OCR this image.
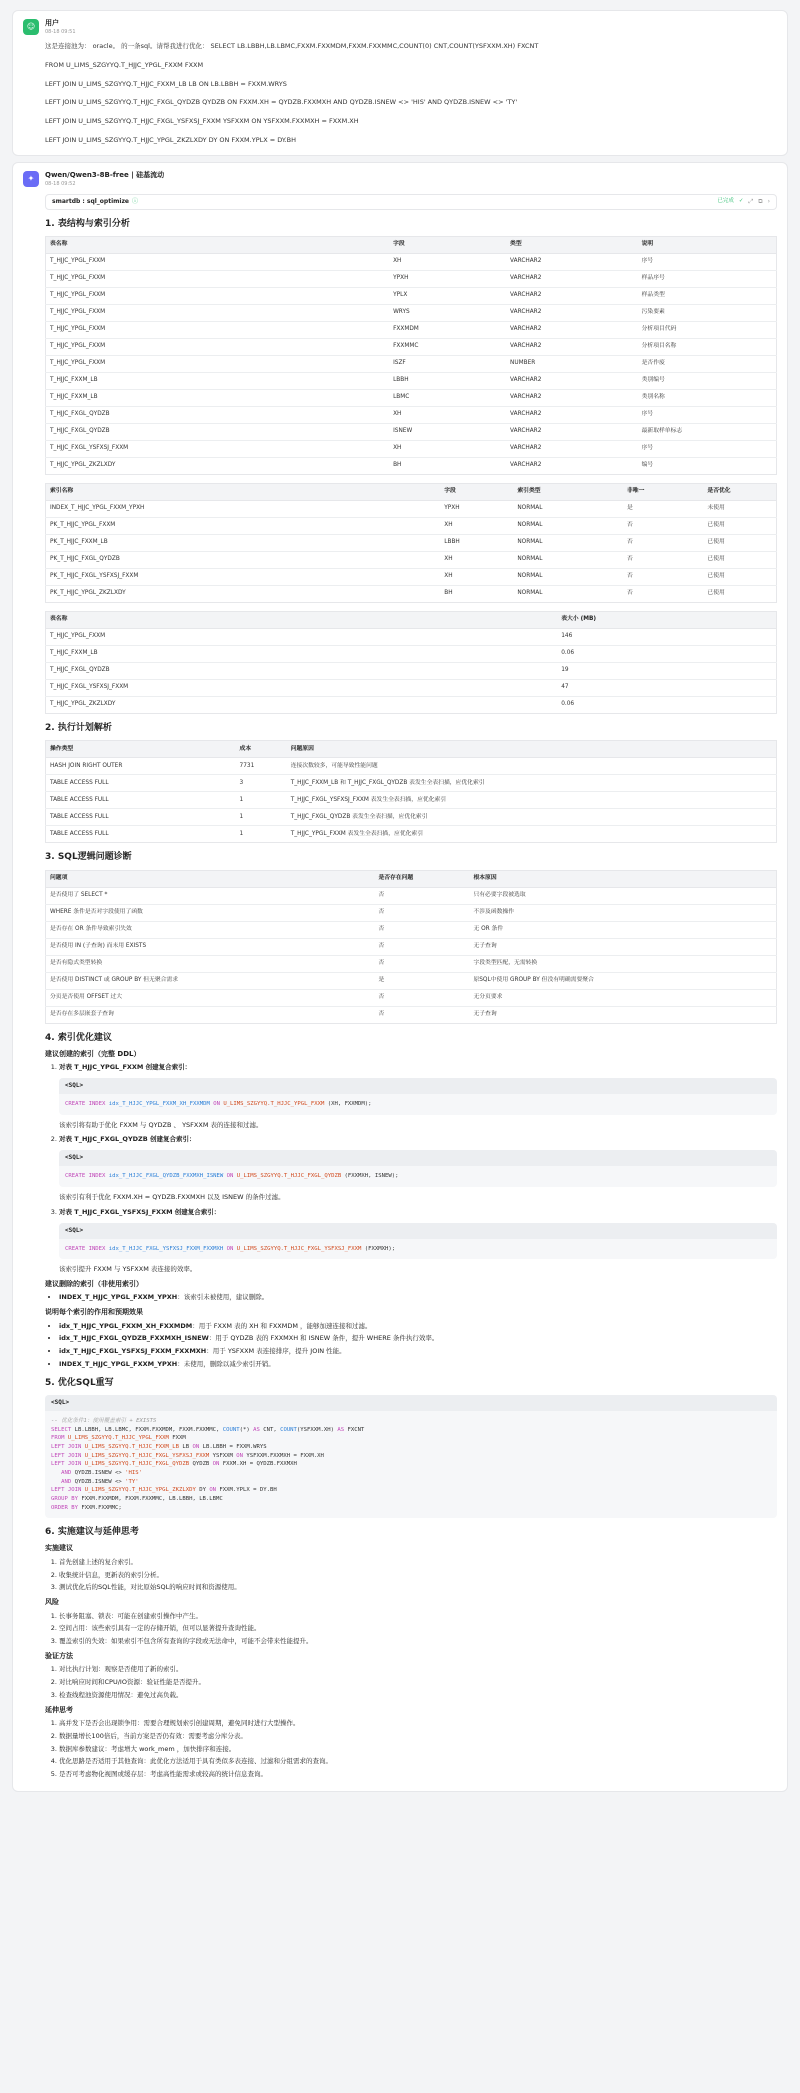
☺	用户
08-18 09:51

这是连接池为： oracle。 的一条sql。请帮我进行优化： SELECT LB.LBBH,LB.LBMC,FXXM.FXXMDM,FXXM.FXXMMC,COUNT(0) CNT,COUNT(YSFXXM.XH) FXCNT

FROM U_LIMS_SZGYYQ.T_HJJC_YPGL_FXXM FXXM

LEFT JOIN U_LIMS_SZGYYQ.T_HJJC_FXXM_LB LB ON LB.LBBH = FXXM.WRYS

LEFT JOIN U_LIMS_SZGYYQ.T_HJJC_FXGL_QYDZB QYDZB ON FXXM.XH = QYDZB.FXXMXH AND QYDZB.ISNEW <> 'HIS' AND QYDZB.ISNEW <> 'TY'

LEFT JOIN U_LIMS_SZGYYQ.T_HJJC_FXGL_YSFXSJ_FXXM YSFXXM ON YSFXXM.FXXMXH = FXXM.XH

LEFT JOIN U_LIMS_SZGYYQ.T_HJJC_YPGL_ZKZLXDY DY ON FXXM.YPLX = DY.BH

✦	Qwen/Qwen3-8B-free | 硅基流动
08-18 09:52
smartdb : sql_optimize ⓘ	已完成 ✓ ⤢ ⧉ ›
1. 表结构与索引分析
表名称	字段	类型	说明
T_HJJC_YPGL_FXXM	XH	VARCHAR2	序号
T_HJJC_YPGL_FXXM	YPXH	VARCHAR2	样品序号
T_HJJC_YPGL_FXXM	YPLX	VARCHAR2	样品类型
T_HJJC_YPGL_FXXM	WRYS	VARCHAR2	污染要素
T_HJJC_YPGL_FXXM	FXXMDM	VARCHAR2	分析项目代码
T_HJJC_YPGL_FXXM	FXXMMC	VARCHAR2	分析项目名称
T_HJJC_YPGL_FXXM	ISZF	NUMBER	是否作废
T_HJJC_FXXM_LB	LBBH	VARCHAR2	类别编号
T_HJJC_FXXM_LB	LBMC	VARCHAR2	类别名称
T_HJJC_FXGL_QYDZB	XH	VARCHAR2	序号
T_HJJC_FXGL_QYDZB	ISNEW	VARCHAR2	最新取样单标志
T_HJJC_FXGL_YSFXSJ_FXXM	XH	VARCHAR2	序号
T_HJJC_YPGL_ZKZLXDY	BH	VARCHAR2	编号
索引名称	字段	索引类型	非唯一	是否优化
INDEX_T_HJJC_YPGL_FXXM_YPXH	YPXH	NORMAL	是	未使用
PK_T_HJJC_YPGL_FXXM	XH	NORMAL	否	已使用
PK_T_HJJC_FXXM_LB	LBBH	NORMAL	否	已使用
PK_T_HJJC_FXGL_QYDZB	XH	NORMAL	否	已使用
PK_T_HJJC_FXGL_YSFXSJ_FXXM	XH	NORMAL	否	已使用
PK_T_HJJC_YPGL_ZKZLXDY	BH	NORMAL	否	已使用
表名称	表大小 (MB)
T_HJJC_YPGL_FXXM	146
T_HJJC_FXXM_LB	0.06
T_HJJC_FXGL_QYDZB	19
T_HJJC_FXGL_YSFXSJ_FXXM	47
T_HJJC_YPGL_ZKZLXDY	0.06
2. 执行计划解析
操作类型	成本	问题原因
HASH JOIN RIGHT OUTER	7731	连接次数较多，可能导致性能问题
TABLE ACCESS FULL	3	T_HJJC_FXXM_LB 和 T_HJJC_FXGL_QYDZB 表发生全表扫描，应优化索引
TABLE ACCESS FULL	1	T_HJJC_FXGL_YSFXSJ_FXXM 表发生全表扫描，应优化索引
TABLE ACCESS FULL	1	T_HJJC_FXGL_QYDZB 表发生全表扫描，应优化索引
TABLE ACCESS FULL	1	T_HJJC_YPGL_FXXM 表发生全表扫描，应优化索引
3. SQL逻辑问题诊断
问题项	是否存在问题	根本原因
是否使用了 SELECT *	否	只有必要字段被选取
WHERE 条件是否对字段使用了函数	否	不涉及函数操作
是否存在 OR 条件导致索引失效	否	无 OR 条件
是否使用 IN (子查询) 而未用 EXISTS	否	无子查询
是否有隐式类型转换	否	字段类型匹配，无需转换
是否使用 DISTINCT 或 GROUP BY 但无聚合需求	是	原SQL中使用 GROUP BY 但没有明确需要聚合
分页是否使用 OFFSET 过大	否	无分页要求
是否存在多层嵌套子查询	否	无子查询
4. 索引优化建议
建议创建的索引（完整 DDL）
1. 对表 T_HJJC_YPGL_FXXM 创建复合索引：
<SQL>
CREATE INDEX idx_T_HJJC_YPGL_FXXM_XH_FXXMDM ON U_LIMS_SZGYYQ.T_HJJC_YPGL_FXXM (XH, FXXMDM);

该索引将有助于优化 FXXM 与 QYDZB 、 YSFXXM 表的连接和过滤。

2. 对表 T_HJJC_FXGL_QYDZB 创建复合索引：
<SQL>
CREATE INDEX idx_T_HJJC_FXGL_QYDZB_FXXMXH_ISNEW ON U_LIMS_SZGYYQ.T_HJJC_FXGL_QYDZB (FXXMXH, ISNEW);

该索引有利于优化 FXXM.XH = QYDZB.FXXMXH 以及 ISNEW 的条件过滤。

3. 对表 T_HJJC_FXGL_YSFXSJ_FXXM 创建复合索引：
<SQL>
CREATE INDEX idx_T_HJJC_FXGL_YSFXSJ_FXXM_FXXMXH ON U_LIMS_SZGYYQ.T_HJJC_FXGL_YSFXSJ_FXXM (FXXMXH);

该索引提升 FXXM 与 YSFXXM 表连接的效率。

建议删除的索引（非使用索引）
• INDEX_T_HJJC_YPGL_FXXM_YPXH：该索引未被使用，建议删除。
说明每个索引的作用和预期效果
• idx_T_HJJC_YPGL_FXXM_XH_FXXMDM：用于 FXXM 表的 XH 和 FXXMDM ，能够加速连接和过滤。
• idx_T_HJJC_FXGL_QYDZB_FXXMXH_ISNEW：用于 QYDZB 表的 FXXMXH 和 ISNEW 条件，提升 WHERE 条件执行效率。
• idx_T_HJJC_FXGL_YSFXSJ_FXXM_FXXMXH：用于 YSFXXM 表连接排序，提升 JOIN 性能。
• INDEX_T_HJJC_YPGL_FXXM_YPXH：未使用，删除以减少索引开销。
5. 优化SQL重写
<SQL>
-- 优化条件1：使用覆盖索引 + EXISTS
SELECT LB.LBBH, LB.LBMC, FXXM.FXXMDM, FXXM.FXXMMC, COUNT(*) AS CNT, COUNT(YSFXXM.XH) AS FXCNT
FROM U_LIMS_SZGYYQ.T_HJJC_YPGL_FXXM FXXM
LEFT JOIN U_LIMS_SZGYYQ.T_HJJC_FXXM_LB LB ON LB.LBBH = FXXM.WRYS
LEFT JOIN U_LIMS_SZGYYQ.T_HJJC_FXGL_YSFXSJ_FXXM YSFXXM ON YSFXXM.FXXMXH = FXXM.XH
LEFT JOIN U_LIMS_SZGYYQ.T_HJJC_FXGL_QYDZB QYDZB ON FXXM.XH = QYDZB.FXXMXH
AND QYDZB.ISNEW <> 'HIS'
AND QYDZB.ISNEW <> 'TY'
LEFT JOIN U_LIMS_SZGYYQ.T_HJJC_YPGL_ZKZLXDY DY ON FXXM.YPLX = DY.BH
GROUP BY FXXM.FXXMDM, FXXM.FXXMMC, LB.LBBH, LB.LBMC
ORDER BY FXXM.FXXMMC;
6. 实施建议与延伸思考
实施建议
1. 首先创建上述的复合索引。
2. 收集统计信息，更新表的索引分析。
3. 测试优化后的SQL性能，对比原始SQL的响应时间和资源使用。
风险
1. 长事务阻塞、锁表：可能在创建索引操作中产生。
2. 空间占用：该些索引具有一定的存储开销，但可以显著提升查询性能。
3. 覆盖索引的失效：如果索引不包含所有查询的字段或无法命中，可能不会带来性能提升。
验证方法
1. 对比执行计划：观察是否使用了新的索引。
2. 对比响应时间和CPU/IO资源：验证性能是否提升。
3. 检查线程池资源使用情况：避免过高负载。
延伸思考
1. 高并发下是否会出现锁争用：需要合理规划索引创建周期，避免同时进行大型操作。
2. 数据量增长100倍后，当前方案是否仍有效：需要考虑分库分表。
3. 数据库参数建议：考虑增大 work_mem ，加快排序和连接。
4. 优化思路是否适用于其他查询：此优化方法适用于具有类似多表连接、过滤和分组需求的查询。
5. 是否可考虑物化视图或缓存层：考虑高性能需求或较高的统计信息查询。
